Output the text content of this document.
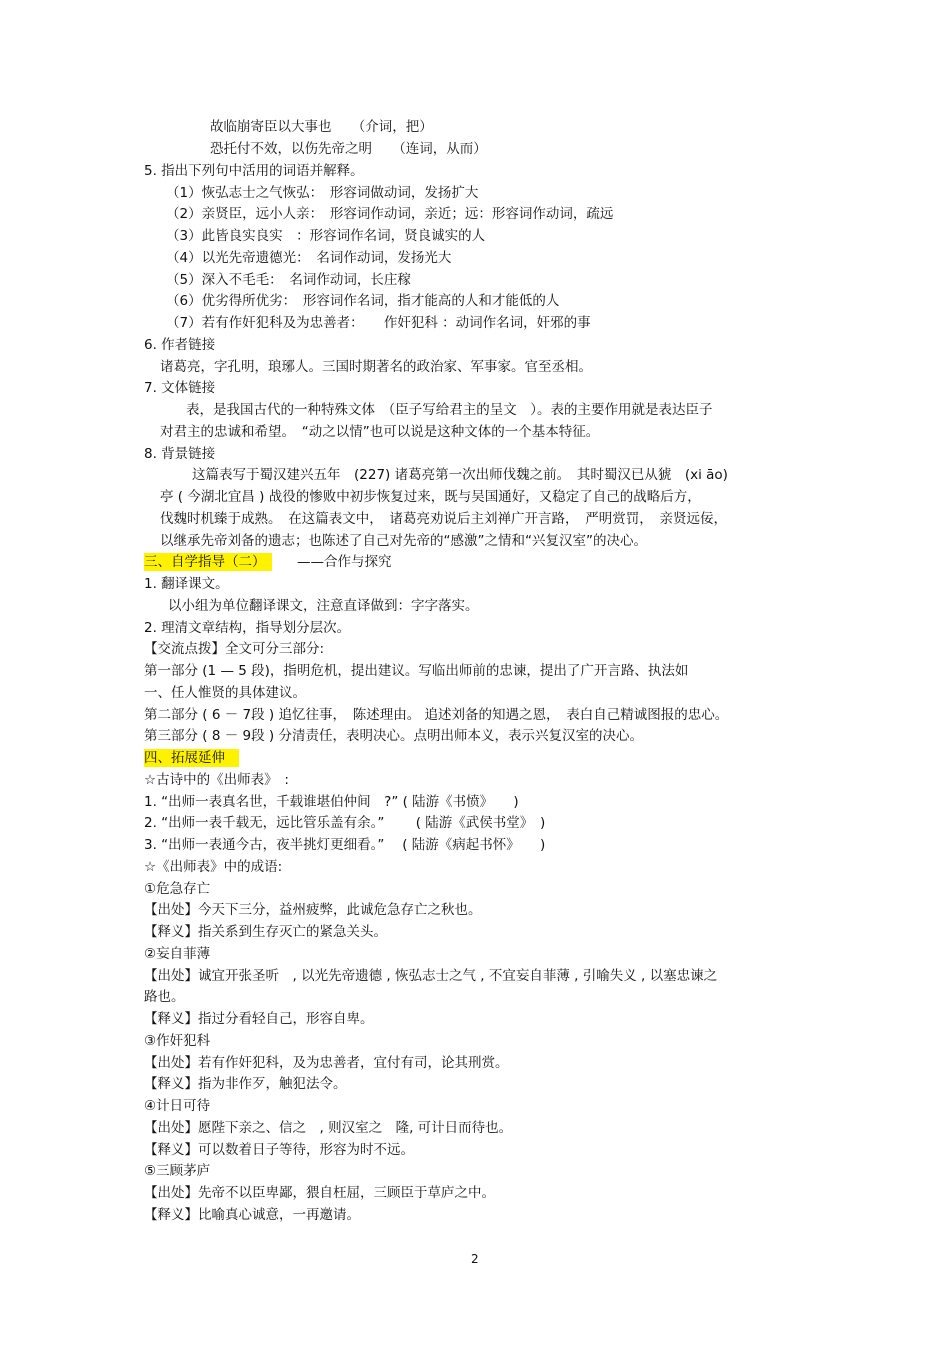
故临崩寄臣以大事也　　（介词，把）
恐托付不效，以伤先帝之明　　（连词，从而）
5. 指出下列句中活用的词语并解释。
（1）恢弘志士之气恢弘：　形容词做动词，发扬扩大
（2）亲贤臣，远小人亲：　形容词作动词，亲近；远：形容词作动词，疏远
（3）此皆良实良实　：形容词作名词，贤良诚实的人
（4）以光先帝遗德光：　名词作动词，发扬光大
（5）深入不毛毛：　名词作动词，长庄稼
（6）优劣得所优劣：　形容词作名词，指才能高的人和才能低的人
（7）若有作奸犯科及为忠善者：　　作奸犯科 ：动词作名词，奸邪的事
6. 作者链接
诸葛亮，字孔明，琅琊人。三国时期著名的政治家、军事家。官至丞相。
7. 文体链接
表，是我国古代的一种特殊文体　（臣子写给君主的呈文　）。表的主要作用就是表达臣子
对君主的忠诚和希望。　“动之以情”也可以说是这种文体的一个基本特征。
8. 背景链接
这篇表写于蜀汉建兴五年　(227) 诸葛亮第一次出师伐魏之前。　其时蜀汉已从猇　(xi āo)
亭 ( 今湖北宜昌 ) 战役的惨败中初步恢复过来，既与吴国通好，又稳定了自己的战略后方，
伐魏时机臻于成熟。　在这篇表文中，　诸葛亮劝说后主刘禅广开言路，　严明赏罚，　亲贤远佞，
以继承先帝刘备的遗志；也陈述了自己对先帝的“感激”之情和“兴复汉室”的决心。
三、自学指导（二）　 ——合作与探究
1. 翻译课文。
以小组为单位翻译课文，注意直译做到：字字落实。
2. 理清文章结构，指导划分层次。
【交流点拨】全文可分三部分:
第一部分 (1 — 5 段)，指明危机，提出建议。写临出师前的忠谏，提出了广开言路、执法如
一、任人惟贤的具体建议。
第二部分 ( 6 － 7段 ) 追忆往事，　陈述理由。 追述刘备的知遇之恩，　表白自己精诚图报的忠心。
第三部分 ( 8 － 9段 ) 分清责任，表明决心。点明出师本义，表示兴复汉室的决心。
四、拓展延伸　
☆古诗中的《出师表》　:
1. “出师一表真名世，千载谁堪伯仲间　?” ( 陆游《书愤》　　)
2. “出师一表千载无，远比管乐盖有余。”　　 ( 陆游《武侯书堂》　)
3. “出师一表通今古，夜半挑灯更细看。”　 ( 陆游《病起书怀》　　)
☆《出师表》中的成语:
①危急存亡
【出处】今天下三分，益州疲弊，此诚危急存亡之秋也。
【释义】指关系到生存灭亡的紧急关头。
②妄自菲薄
【出处】诚宜开张圣听　, 以光先帝遗德 , 恢弘志士之气 , 不宜妄自菲薄 , 引喻失义 , 以塞忠谏之
路也。
【释义】指过分看轻自己，形容自卑。
③作奸犯科
【出处】若有作奸犯科，及为忠善者，宜付有司，论其刑赏。
【释义】指为非作歹，触犯法令。
④计日可待
【出处】愿陛下亲之、信之　, 则汉室之　隆, 可计日而待也。
【释义】可以数着日子等待，形容为时不远。
⑤三顾茅庐
【出处】先帝不以臣卑鄙，猥自枉屈，三顾臣于草庐之中。
【释义】比喻真心诚意，一再邀请。
2
